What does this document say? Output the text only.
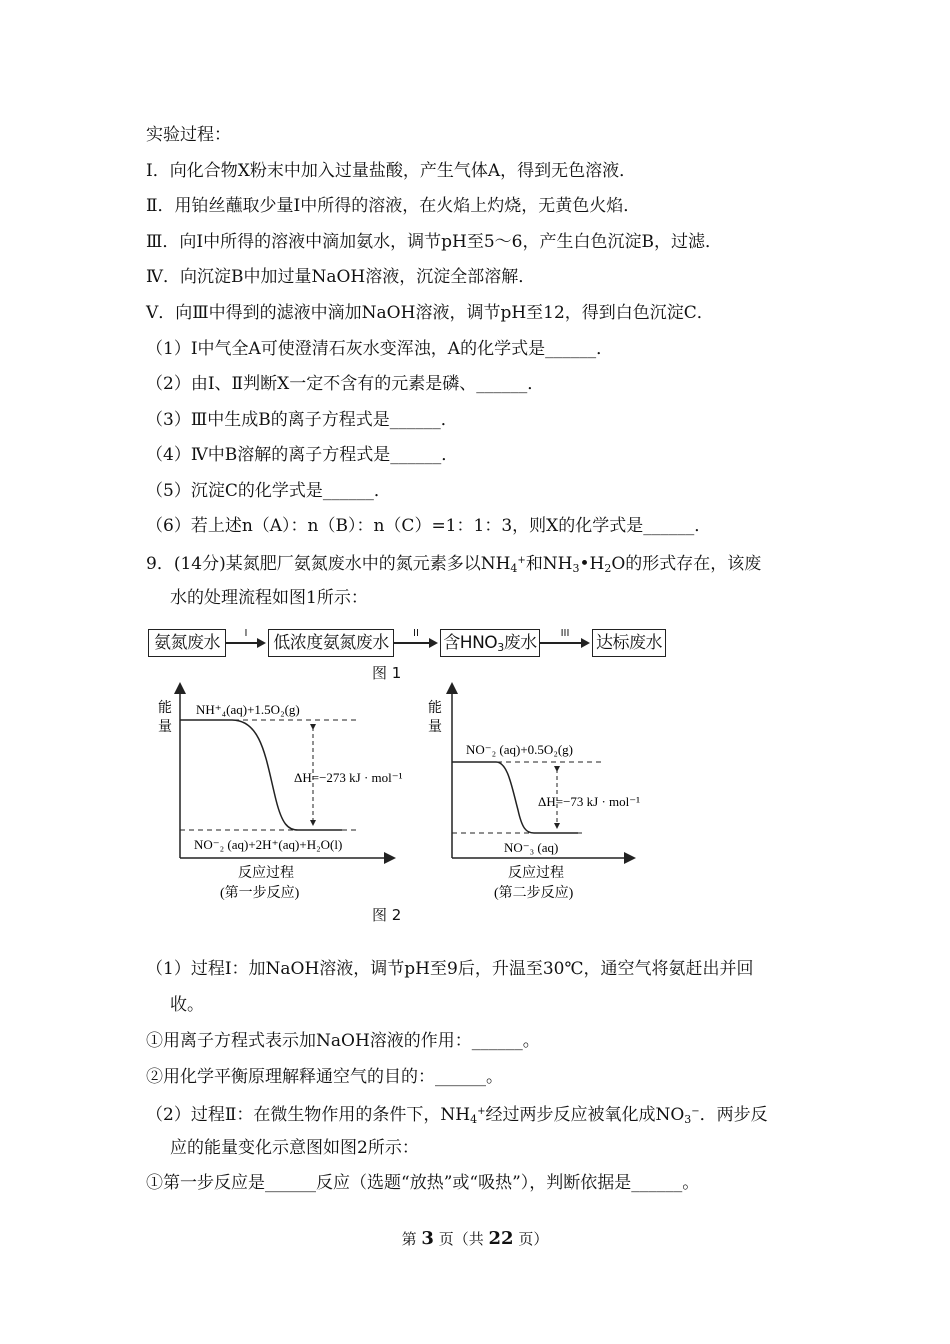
实验过程：
I．向化合物X粉末中加入过量盐酸，产生气体A，得到无色溶液．
Ⅱ．用铂丝蘸取少量I中所得的溶液，在火焰上灼烧，无黄色火焰．
Ⅲ．向I中所得的溶液中滴加氨水，调节pH至5～6，产生白色沉淀B，过滤．
Ⅳ．向沉淀B中加过量NaOH溶液，沉淀全部溶解．
V．向Ⅲ中得到的滤液中滴加NaOH溶液，调节pH至12，得到白色沉淀C．
（1）I中气全A可使澄清石灰水变浑浊，A的化学式是______．
（2）由I、Ⅱ判断X一定不含有的元素是磷、______．
（3）Ⅲ中生成B的离子方程式是______．
（4）Ⅳ中B溶解的离子方程式是______．
（5）沉淀C的化学式是______．
（6）若上述n（A）：n（B）：n（C）=1：1：3，则X的化学式是______．
9．(14分)某氮肥厂氨氮废水中的氮元素多以$NH_4^+$和$NH_3•H_2O$的形式存在，该废
水的处理流程如图1所示：
氨氮废水	I	低浓度氨氮废水	II	含$HNO_3$废水	III	达标废水
图 1
能
量
NH⁺₄(aq)+1.5O₂(g)
NO⁻₂ (aq)+2H⁺(aq)+H₂O(l)
ΔH=−273 kJ · mol⁻¹
反应过程
(第一步反应)
能
量
NO⁻₂ (aq)+0.5O₂(g)
NO⁻₃ (aq)
ΔH=−73 kJ · mol⁻¹
反应过程
(第二步反应)
图 2
（1）过程Ⅰ：加NaOH溶液，调节pH至9后，升温至30℃，通空气将氨赶出并回
收。
①用离子方程式表示加NaOH溶液的作用：______。
②用化学平衡原理解释通空气的目的：______。
（2）过程Ⅱ：在微生物作用的条件下，$NH_4^+$经过两步反应被氧化成$NO_3^-$．两步反
应的能量变化示意图如图2所示：
①第一步反应是______反应（选题“放热”或“吸热”），判断依据是______。
第 3 页（共 22 页）
